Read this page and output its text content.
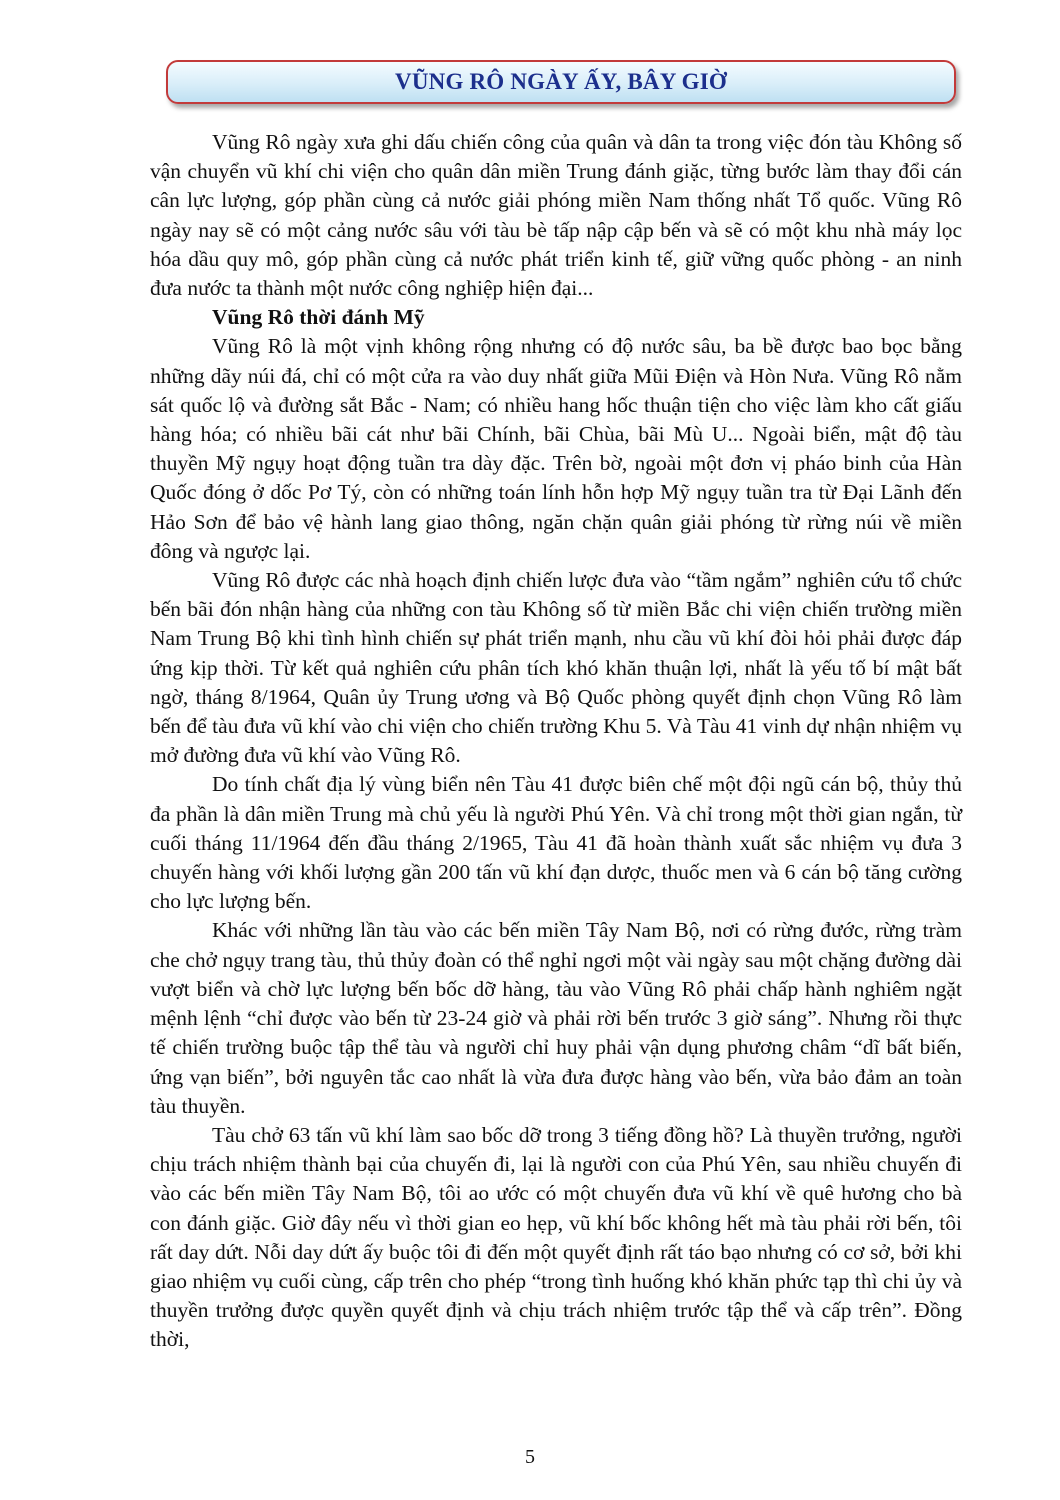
VŨNG RÔ NGÀY ẤY, BÂY GIỜ

Vũng Rô ngày xưa ghi dấu chiến công của quân và dân ta trong việc đón tàu Không số vận chuyển vũ khí chi viện cho quân dân miền Trung đánh giặc, từng bước làm thay đổi cán cân lực lượng, góp phần cùng cả nước giải phóng miền Nam thống nhất Tổ quốc. Vũng Rô ngày nay sẽ có một cảng nước sâu với tàu bè tấp nập cập bến và sẽ có một khu nhà máy lọc hóa dầu quy mô, góp phần cùng cả nước phát triển kinh tế, giữ vững quốc phòng - an ninh đưa nước ta thành một nước công nghiệp hiện đại...

Vũng Rô thời đánh Mỹ

Vũng Rô là một vịnh không rộng nhưng có độ nước sâu, ba bề được bao bọc bằng những dãy núi đá, chỉ có một cửa ra vào duy nhất giữa Mũi Điện và Hòn Nưa. Vũng Rô nằm sát quốc lộ và đường sắt Bắc - Nam; có nhiều hang hốc thuận tiện cho việc làm kho cất giấu hàng hóa; có nhiều bãi cát như bãi Chính, bãi Chùa, bãi Mù U... Ngoài biển, mật độ tàu thuyền Mỹ ngụy hoạt động tuần tra dày đặc. Trên bờ, ngoài một đơn vị pháo binh của Hàn Quốc đóng ở dốc Pơ Tý, còn có những toán lính hỗn hợp Mỹ ngụy tuần tra từ Đại Lãnh đến Hảo Sơn để bảo vệ hành lang giao thông, ngăn chặn quân giải phóng từ rừng núi về miền đông và ngược lại.

Vũng Rô được các nhà hoạch định chiến lược đưa vào “tầm ngắm” nghiên cứu tổ chức bến bãi đón nhận hàng của những con tàu Không số từ miền Bắc chi viện chiến trường miền Nam Trung Bộ khi tình hình chiến sự phát triển mạnh, nhu cầu vũ khí đòi hỏi phải được đáp ứng kịp thời. Từ kết quả nghiên cứu phân tích khó khăn thuận lợi, nhất là yếu tố bí mật bất ngờ, tháng 8/1964, Quân ủy Trung ương và Bộ Quốc phòng quyết định chọn Vũng Rô làm bến để tàu đưa vũ khí vào chi viện cho chiến trường Khu 5. Và Tàu 41 vinh dự nhận nhiệm vụ mở đường đưa vũ khí vào Vũng Rô.

Do tính chất địa lý vùng biển nên Tàu 41 được biên chế một đội ngũ cán bộ, thủy thủ đa phần là dân miền Trung mà chủ yếu là người Phú Yên. Và chỉ trong một thời gian ngắn, từ cuối tháng 11/1964 đến đầu tháng 2/1965, Tàu 41 đã hoàn thành xuất sắc nhiệm vụ đưa 3 chuyến hàng với khối lượng gần 200 tấn vũ khí đạn dược, thuốc men và 6 cán bộ tăng cường cho lực lượng bến.

Khác với những lần tàu vào các bến miền Tây Nam Bộ, nơi có rừng đước, rừng tràm che chở ngụy trang tàu, thủ thủy đoàn có thể nghỉ ngơi một vài ngày sau một chặng đường dài vượt biển và chờ lực lượng bến bốc dỡ hàng, tàu vào Vũng Rô phải chấp hành nghiêm ngặt mệnh lệnh “chỉ được vào bến từ 23-24 giờ và phải rời bến trước 3 giờ sáng”. Nhưng rồi thực tế chiến trường buộc tập thể tàu và người chỉ huy phải vận dụng phương châm “dĩ bất biến, ứng vạn biến”, bởi nguyên tắc cao nhất là vừa đưa được hàng vào bến, vừa bảo đảm an toàn tàu thuyền.

Tàu chở 63 tấn vũ khí làm sao bốc dỡ trong 3 tiếng đồng hồ? Là thuyền trưởng, người chịu trách nhiệm thành bại của chuyến đi, lại là người con của Phú Yên, sau nhiều chuyến đi vào các bến miền Tây Nam Bộ, tôi ao ước có một chuyến đưa vũ khí về quê hương cho bà con đánh giặc. Giờ đây nếu vì thời gian eo hẹp, vũ khí bốc không hết mà tàu phải rời bến, tôi rất day dứt. Nỗi day dứt ấy buộc tôi đi đến một quyết định rất táo bạo nhưng có cơ sở, bởi khi giao nhiệm vụ cuối cùng, cấp trên cho phép “trong tình huống khó khăn phức tạp thì chi ủy và thuyền trưởng được quyền quyết định và chịu trách nhiệm trước tập thể và cấp trên”. Đồng thời,

5
